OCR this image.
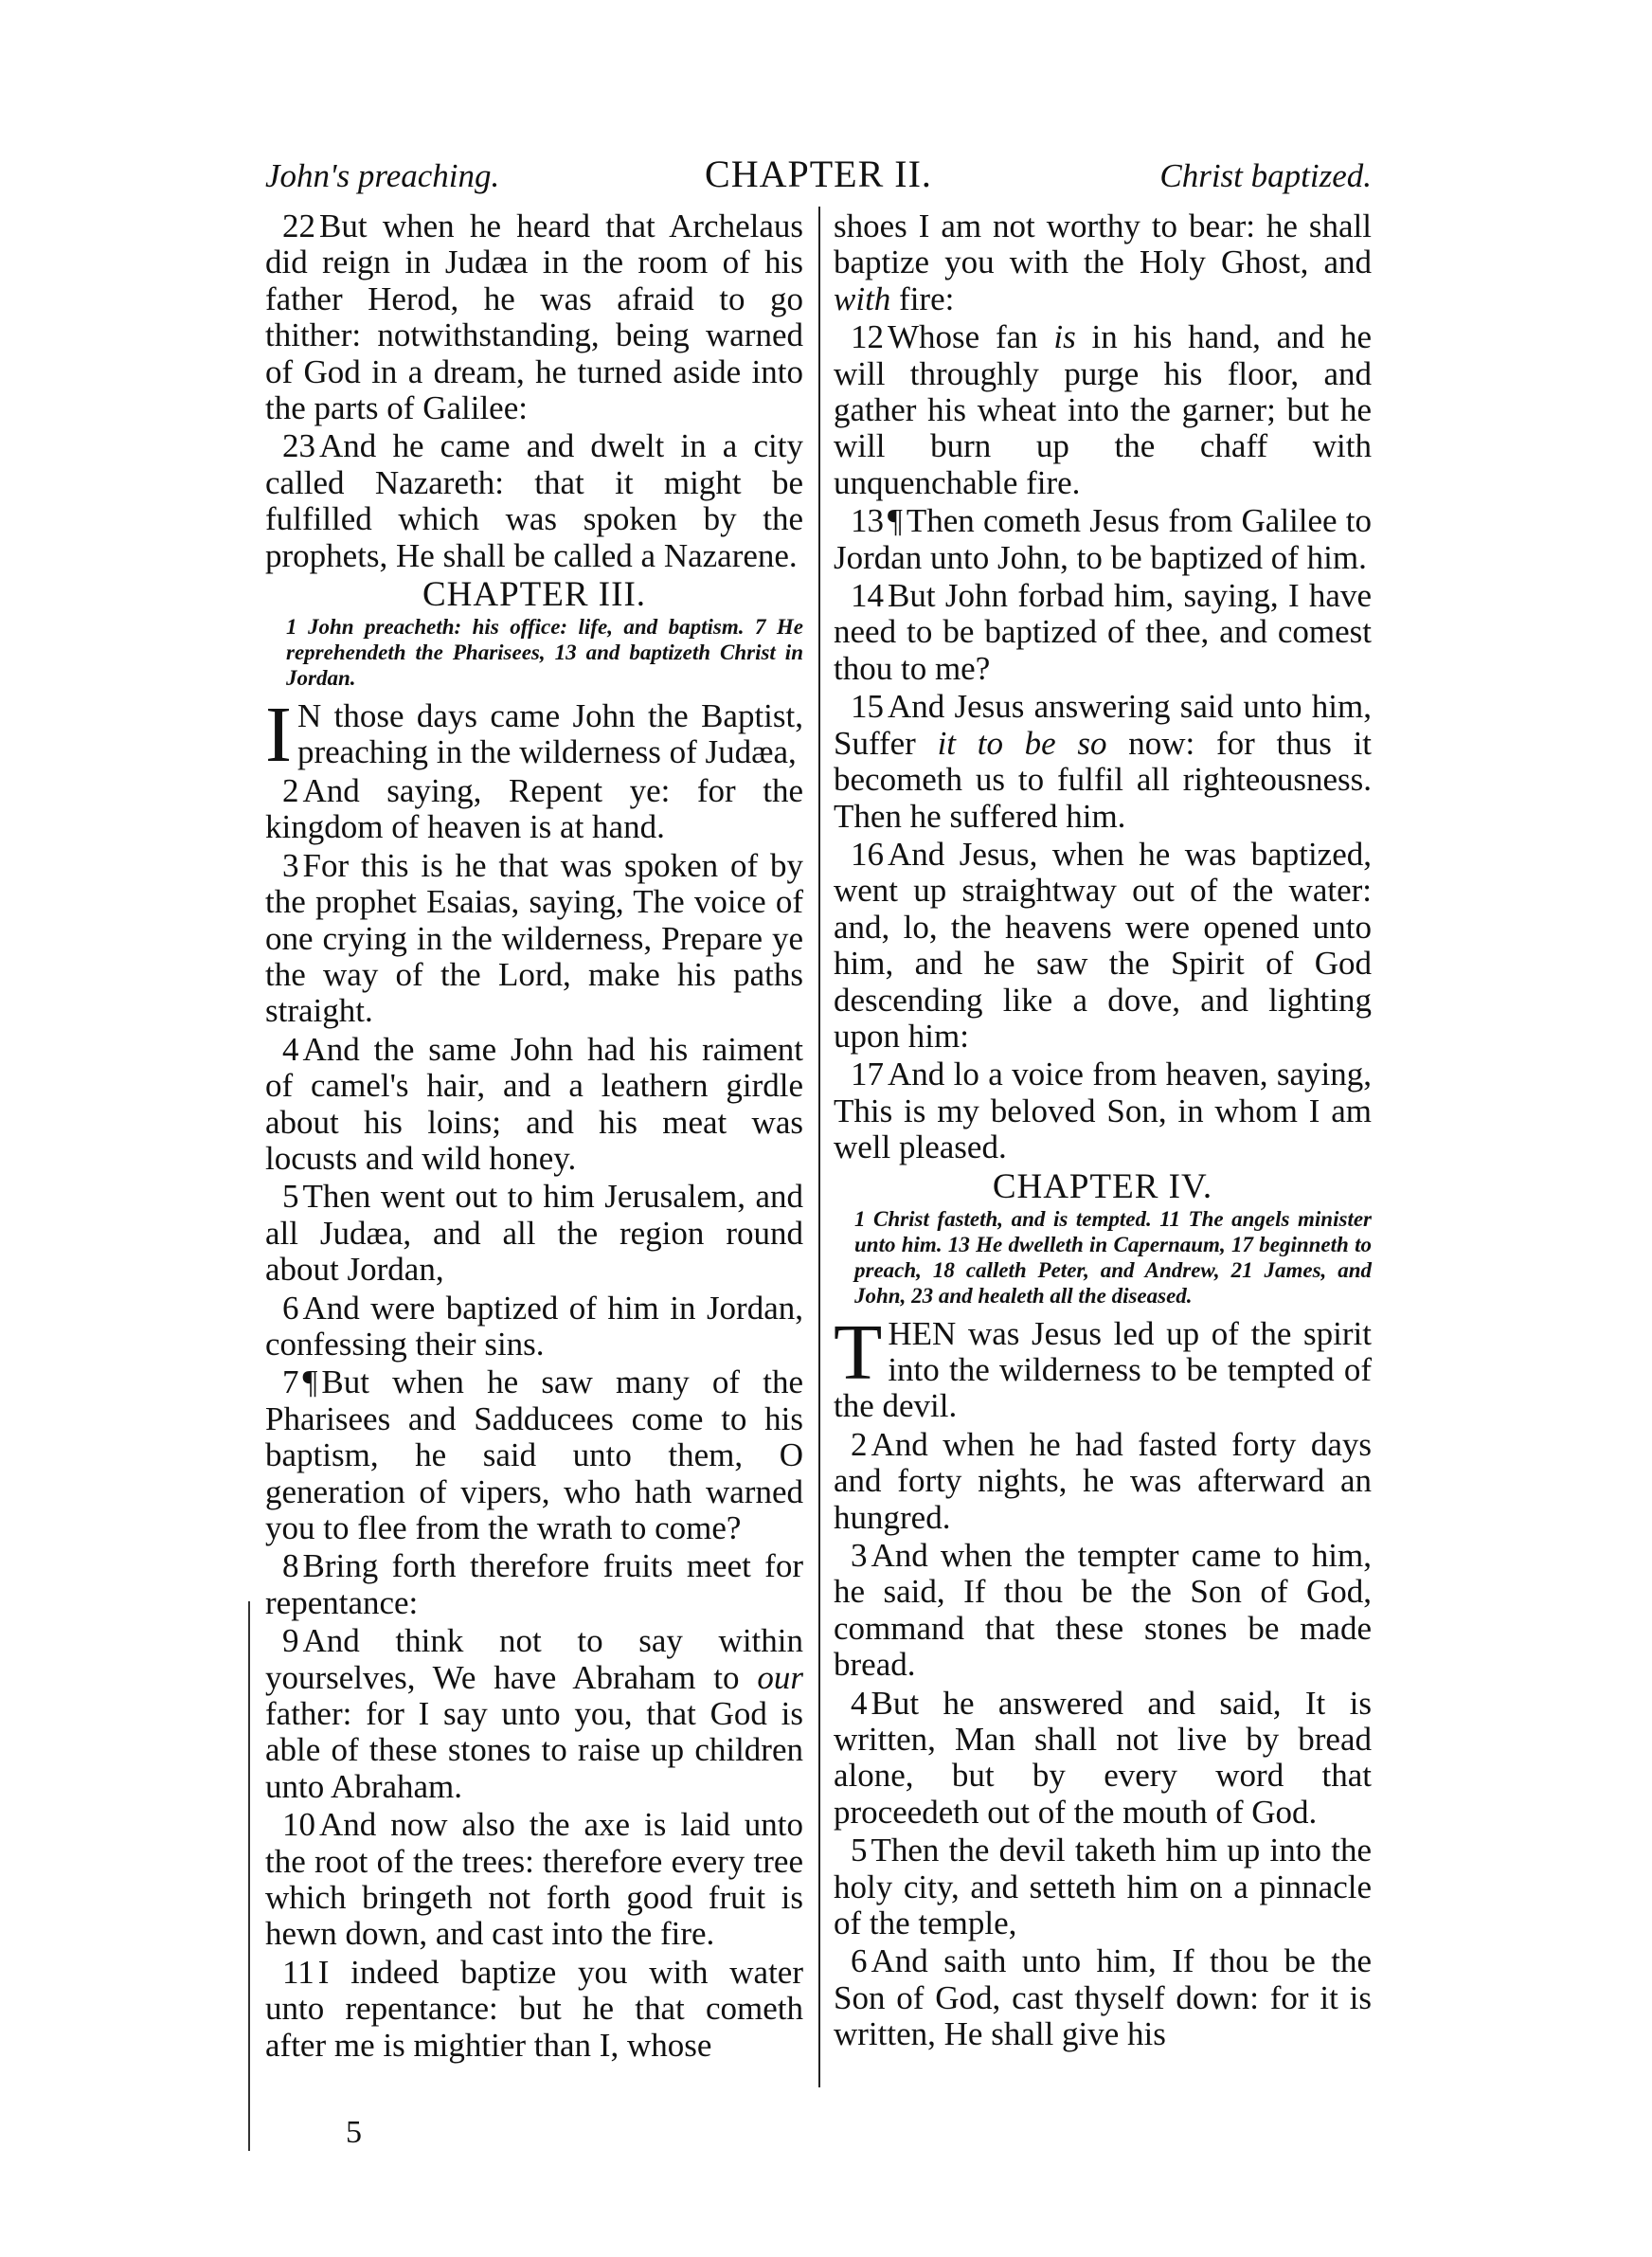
John's preaching.	CHAPTER II.	Christ baptized.

22 But when he heard that Archelaus did reign in Judæa in the room of his father Herod, he was afraid to go thither: notwithstanding, being warned of God in a dream, he turned aside into the parts of Galilee:

23 And he came and dwelt in a city called Nazareth: that it might be fulfilled which was spoken by the prophets, He shall be called a Nazarene.

CHAPTER III.

1 John preacheth: his office: life, and baptism. 7 He reprehendeth the Pharisees, 13 and baptizeth Christ in Jordan.

I N those days came John the Baptist, preaching in the wilderness of Judæa,

2 And saying, Repent ye: for the kingdom of heaven is at hand.

3 For this is he that was spoken of by the prophet Esaias, saying, The voice of one crying in the wilderness, Prepare ye the way of the Lord, make his paths straight.

4 And the same John had his raiment of camel's hair, and a leathern girdle about his loins; and his meat was locusts and wild honey.

5 Then went out to him Jerusalem, and all Judæa, and all the region round about Jordan,

6 And were baptized of him in Jordan, confessing their sins.

7 ¶ But when he saw many of the Pharisees and Sadducees come to his baptism, he said unto them, O generation of vipers, who hath warned you to flee from the wrath to come?

8 Bring forth therefore fruits meet for repentance:

9 And think not to say within yourselves, We have Abraham to our father: for I say unto you, that God is able of these stones to raise up children unto Abraham.

10 And now also the axe is laid unto the root of the trees: therefore every tree which bringeth not forth good fruit is hewn down, and cast into the fire.

11 I indeed baptize you with water unto repentance: but he that cometh after me is mightier than I, whose

shoes I am not worthy to bear: he shall baptize you with the Holy Ghost, and with fire:

12 Whose fan is in his hand, and he will throughly purge his floor, and gather his wheat into the garner; but he will burn up the chaff with unquenchable fire.

13 ¶ Then cometh Jesus from Galilee to Jordan unto John, to be baptized of him.

14 But John forbad him, saying, I have need to be baptized of thee, and comest thou to me?

15 And Jesus answering said unto him, Suffer it to be so now: for thus it becometh us to fulfil all righteousness. Then he suffered him.

16 And Jesus, when he was baptized, went up straightway out of the water: and, lo, the heavens were opened unto him, and he saw the Spirit of God descending like a dove, and lighting upon him:

17 And lo a voice from heaven, saying, This is my beloved Son, in whom I am well pleased.

CHAPTER IV.

1 Christ fasteth, and is tempted. 11 The angels minister unto him. 13 He dwelleth in Capernaum, 17 beginneth to preach, 18 calleth Peter, and Andrew, 21 James, and John, 23 and healeth all the diseased.

THEN was Jesus led up of the spirit into the wilderness to be tempted of the devil.

2 And when he had fasted forty days and forty nights, he was afterward an hungred.

3 And when the tempter came to him, he said, If thou be the Son of God, command that these stones be made bread.

4 But he answered and said, It is written, Man shall not live by bread alone, but by every word that proceedeth out of the mouth of God.

5 Then the devil taketh him up into the holy city, and setteth him on a pinnacle of the temple,

6 And saith unto him, If thou be the Son of God, cast thyself down: for it is written, He shall give his

5
